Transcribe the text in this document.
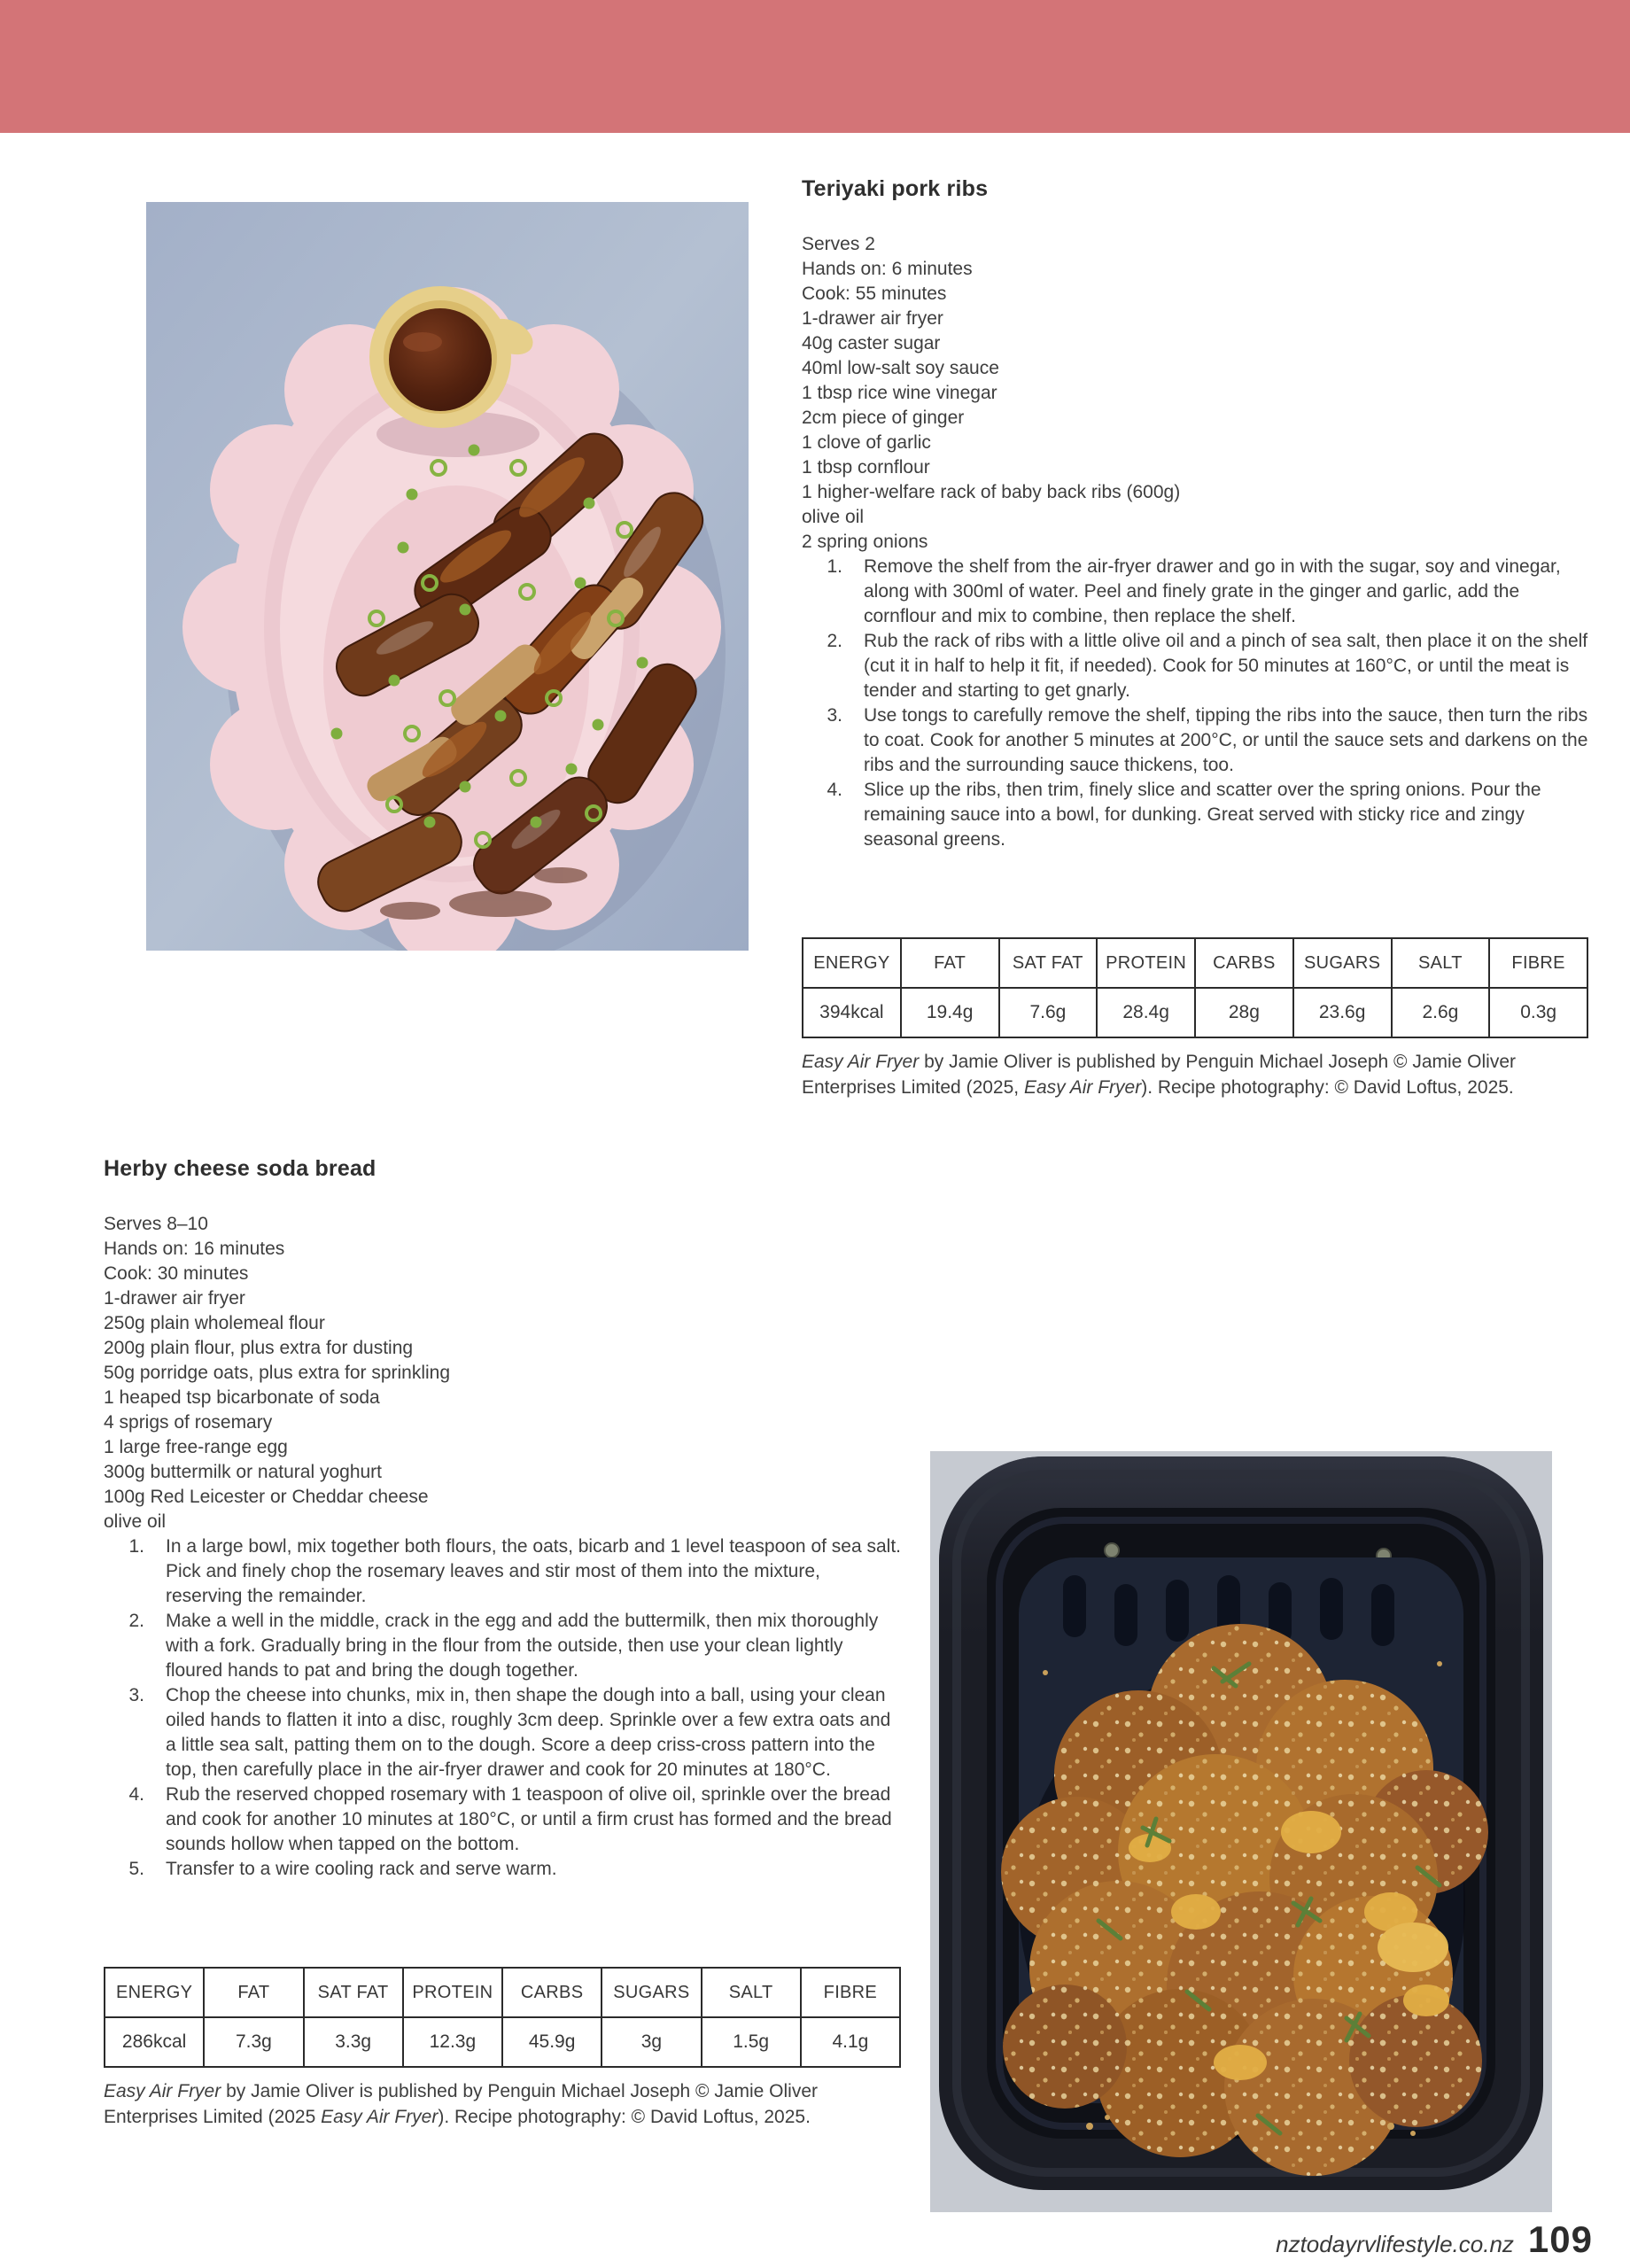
Teriyaki pork ribs
Serves 2
Hands on: 6 minutes
Cook: 55 minutes
1-drawer air fryer
40g caster sugar
40ml low-salt soy sauce
1 tbsp rice wine vinegar
2cm piece of ginger
1 clove of garlic
1 tbsp cornflour
1 higher-welfare rack of baby back ribs (600g)
olive oil
2 spring onions
Remove the shelf from the air-fryer drawer and go in with the sugar, soy and vinegar, along with 300ml of water. Peel and finely grate in the ginger and garlic, add the cornflour and mix to combine, then replace the shelf.
Rub the rack of ribs with a little olive oil and a pinch of sea salt, then place it on the shelf (cut it in half to help it fit, if needed). Cook for 50 minutes at 160°C, or until the meat is tender and starting to get gnarly.
Use tongs to carefully remove the shelf, tipping the ribs into the sauce, then turn the ribs to coat. Cook for another 5 minutes at 200°C, or until the sauce sets and darkens on the ribs and the surrounding sauce thickens, too.
Slice up the ribs, then trim, finely slice and scatter over the spring onions. Pour the remaining sauce into a bowl, for dunking. Great served with sticky rice and zingy seasonal greens.
ENERGY	FAT	SAT FAT	PROTEIN	CARBS	SUGARS	SALT	FIBRE
394kcal	19.4g	7.6g	28.4g	28g	23.6g	2.6g	0.3g

Easy Air Fryer by Jamie Oliver is published by Penguin Michael Joseph © Jamie Oliver Enterprises Limited (2025, Easy Air Fryer). Recipe photography: © David Loftus, 2025.

Herby cheese soda bread
Serves 8–10
Hands on: 16 minutes
Cook: 30 minutes
1-drawer air fryer
250g plain wholemeal flour
200g plain flour, plus extra for dusting
50g porridge oats, plus extra for sprinkling
1 heaped tsp bicarbonate of soda
4 sprigs of rosemary
1 large free-range egg
300g buttermilk or natural yoghurt
100g Red Leicester or Cheddar cheese
olive oil
In a large bowl, mix together both flours, the oats, bicarb and 1 level teaspoon of sea salt. Pick and finely chop the rosemary leaves and stir most of them into the mixture, reserving the remainder.
Make a well in the middle, crack in the egg and add the buttermilk, then mix thoroughly with a fork. Gradually bring in the flour from the outside, then use your clean lightly floured hands to pat and bring the dough together.
Chop the cheese into chunks, mix in, then shape the dough into a ball, using your clean oiled hands to flatten it into a disc, roughly 3cm deep. Sprinkle over a few extra oats and a little sea salt, patting them on to the dough. Score a deep criss-cross pattern into the top, then carefully place in the air-fryer drawer and cook for 20 minutes at 180°C.
Rub the reserved chopped rosemary with 1 teaspoon of olive oil, sprinkle over the bread and cook for another 10 minutes at 180°C, or until a firm crust has formed and the bread sounds hollow when tapped on the bottom.
Transfer to a wire cooling rack and serve warm.
ENERGY	FAT	SAT FAT	PROTEIN	CARBS	SUGARS	SALT	FIBRE
286kcal	7.3g	3.3g	12.3g	45.9g	3g	1.5g	4.1g

Easy Air Fryer by Jamie Oliver is published by Penguin Michael Joseph © Jamie Oliver Enterprises Limited (2025 Easy Air Fryer). Recipe photography: © David Loftus, 2025.

nztodayrvlifestyle.co.nz 109
